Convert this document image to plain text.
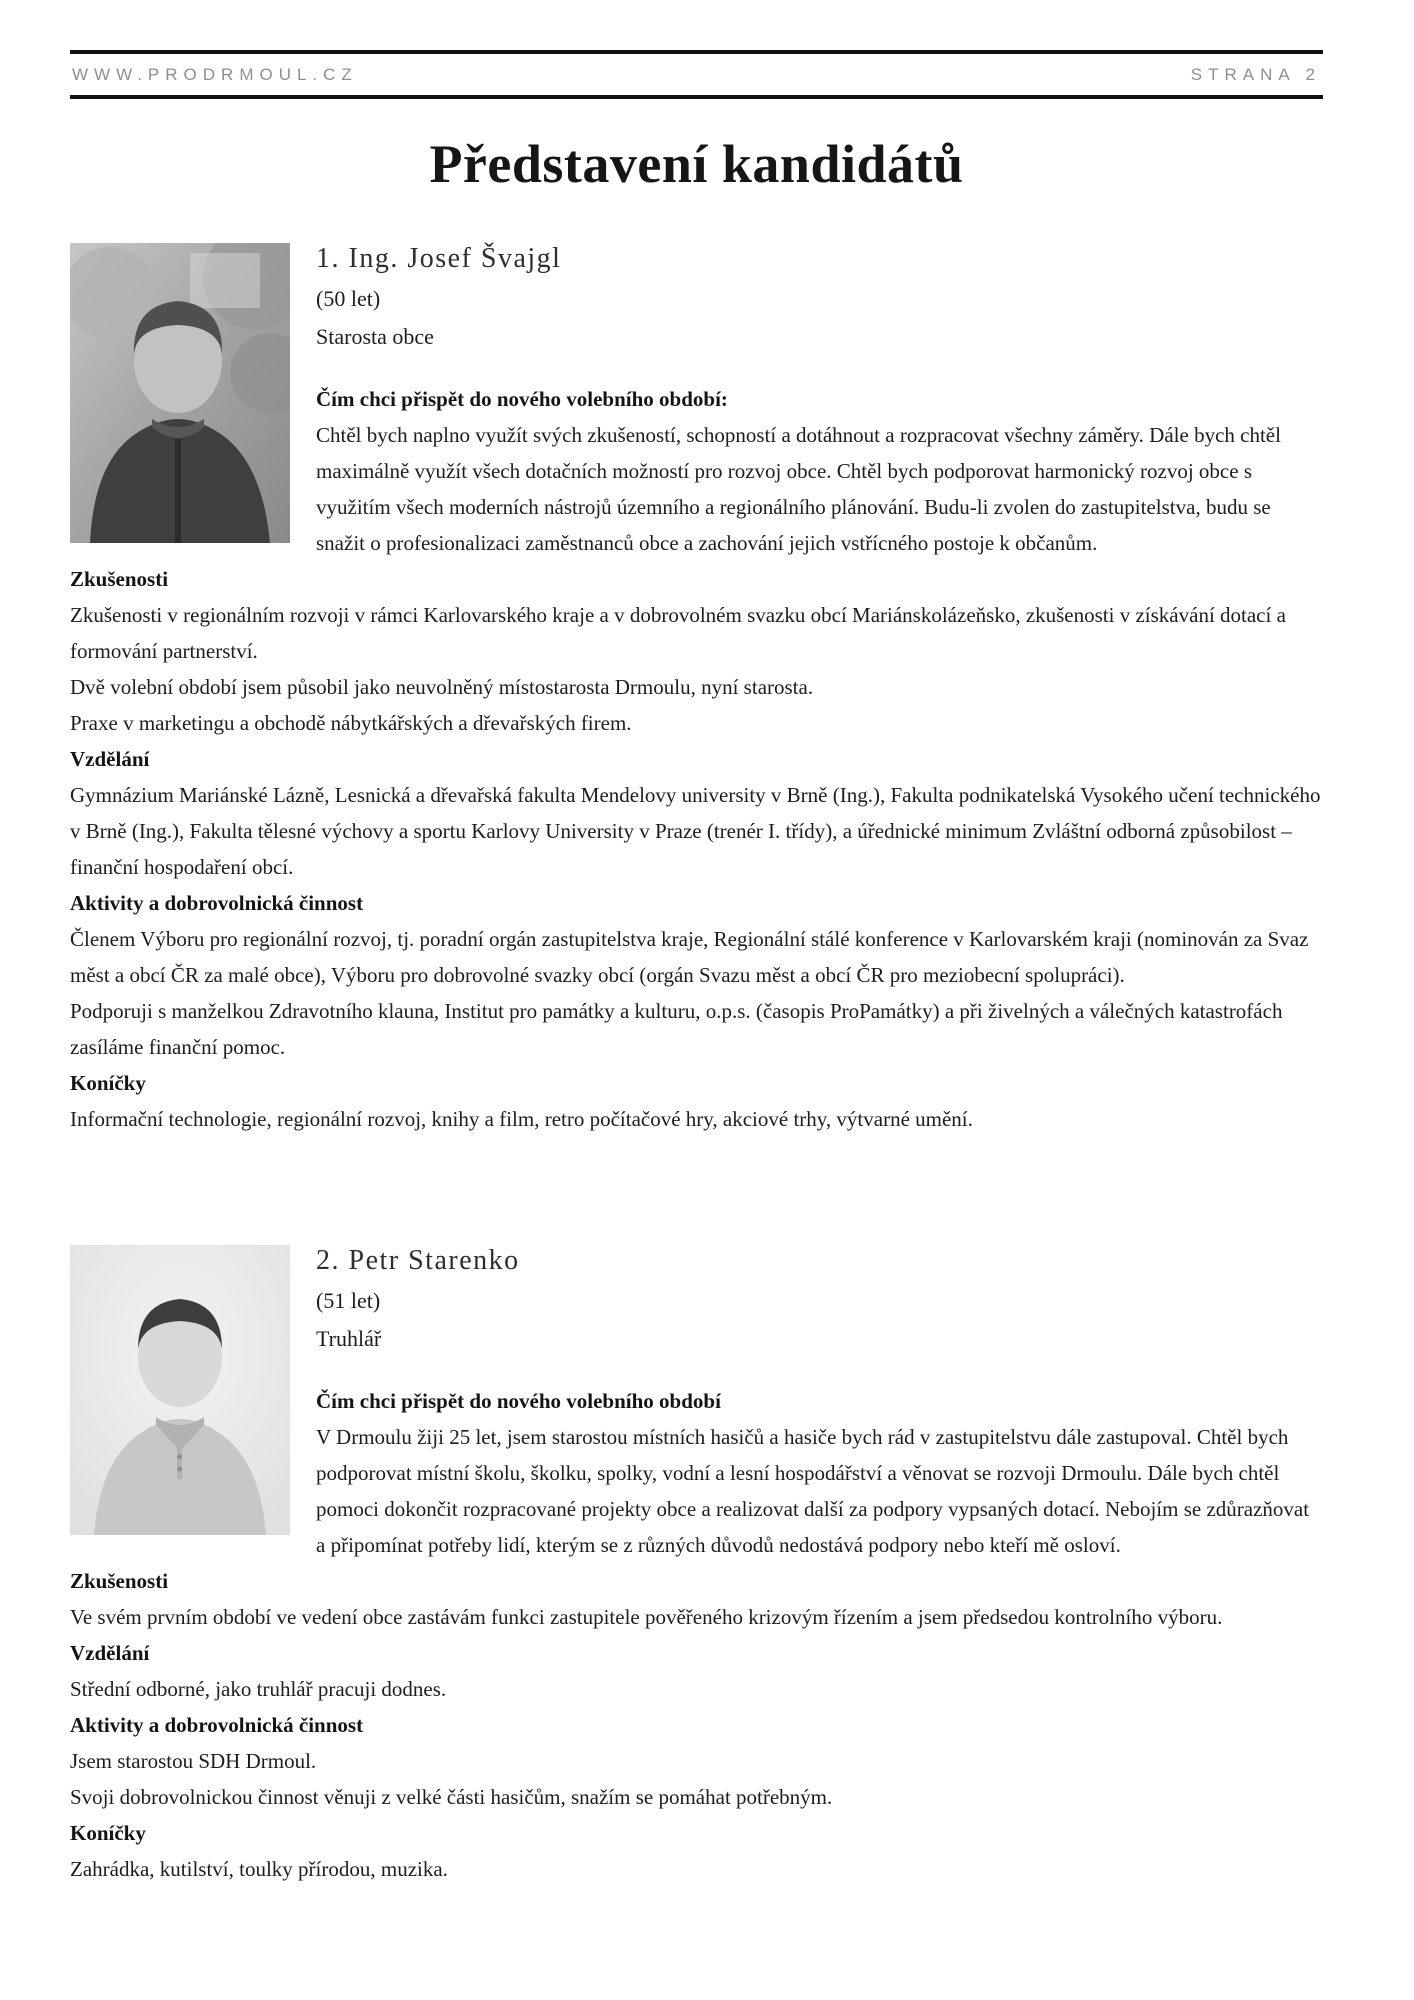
WWW.PRODRMOUL.CZ	STRANA 2
Představení kandidátů
1. Ing. Josef Švajgl
(50 let)
Starosta obce
Čím chci přispět do nového volebního období:

Chtěl bych naplno využít svých zkušeností, schopností a dotáhnout a rozpracovat všechny záměry. Dále bych chtěl maximálně využít všech dotačních možností pro rozvoj obce. Chtěl bych podporovat harmonický rozvoj obce s využitím všech moderních nástrojů územního a regionálního plánování. Budu-li zvolen do zastupitelstva, budu se snažit o profesionalizaci zaměstnanců obce a zachování jejich vstřícného postoje k občanům.

Zkušenosti

Zkušenosti v regionálním rozvoji v rámci Karlovarského kraje a v dobrovolném svazku obcí Mariánskolázeňsko, zkušenosti v získávání dotací a formování partnerství.

Dvě volební období jsem působil jako neuvolněný místostarosta Drmoulu, nyní starosta.

Praxe v marketingu a obchodě nábytkářských a dřevařských firem.

Vzdělání

Gymnázium Mariánské Lázně, Lesnická a dřevařská fakulta Mendelovy university v Brně (Ing.), Fakulta podnikatelská Vysokého učení technického v Brně (Ing.), Fakulta tělesné výchovy a sportu Karlovy University v Praze (trenér I. třídy), a úřednické minimum Zvláštní odborná způsobilost – finanční hospodaření obcí.

Aktivity a dobrovolnická činnost

Členem Výboru pro regionální rozvoj, tj. poradní orgán zastupitelstva kraje, Regionální stálé konference v Karlovarském kraji (nominován za Svaz měst a obcí ČR za malé obce), Výboru pro dobrovolné svazky obcí (orgán Svazu měst a obcí ČR pro meziobecní spolupráci).

Podporuji s manželkou Zdravotního klauna, Institut pro památky a kulturu, o.p.s. (časopis ProPamátky) a při živelných a válečných katastrofách zasíláme finanční pomoc.

Koníčky

Informační technologie, regionální rozvoj, knihy a film, retro počítačové hry, akciové trhy, výtvarné umění.

2. Petr Starenko
(51 let)
Truhlář
Čím chci přispět do nového volebního období

V Drmoulu žiji 25 let, jsem starostou místních hasičů a hasiče bych rád v zastupitelstvu dále zastupoval. Chtěl bych podporovat místní školu, školku, spolky, vodní a lesní hospodářství a věnovat se rozvoji Drmoulu. Dále bych chtěl pomoci dokončit rozpracované projekty obce a realizovat další za podpory vypsaných dotací. Nebojím se zdůrazňovat a připomínat potřeby lidí, kterým se z různých důvodů nedostává podpory nebo kteří mě osloví.

Zkušenosti

Ve svém prvním období ve vedení obce zastávám funkci zastupitele pověřeného krizovým řízením a jsem předsedou kontrolního výboru.

Vzdělání

Střední odborné, jako truhlář pracuji dodnes.

Aktivity a dobrovolnická činnost

Jsem starostou SDH Drmoul.

Svoji dobrovolnickou činnost věnuji z velké části hasičům, snažím se pomáhat potřebným.

Koníčky

Zahrádka, kutilství, toulky přírodou, muzika.
